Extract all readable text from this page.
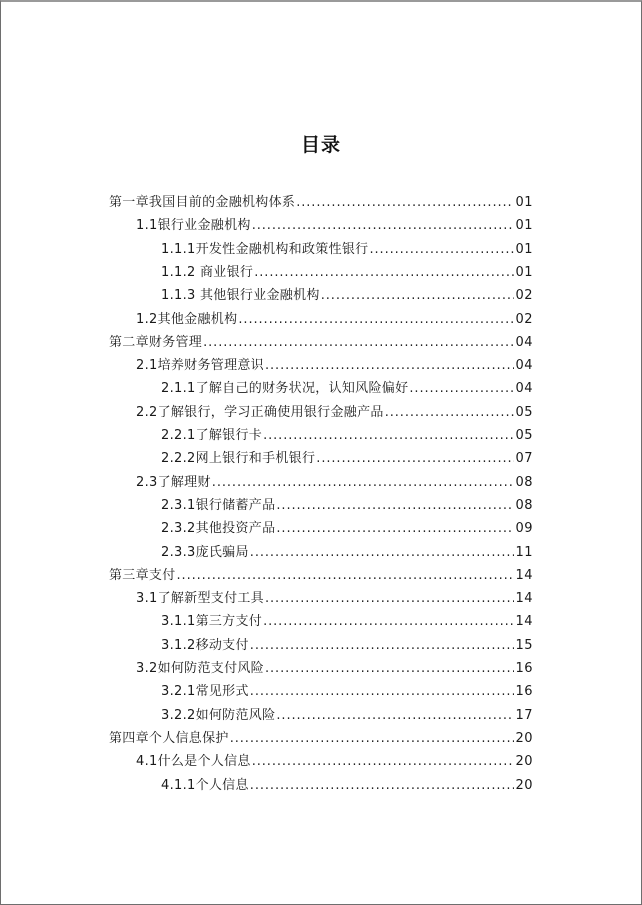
目录
第一章我国目前的金融机构体系 .....	01
1.1银行业金融机构 .....	01
1.1.1开发性金融机构和政策性银行 .....	01
1.1.2 商业银行 .....	01
1.1.3 其他银行业金融机构 .....	02
1.2其他金融机构 .....	02
第二章财务管理 .....	04
2.1培养财务管理意识 .....	04
2.1.1了解自己的财务状况，认知风险偏好 .....	04
2.2了解银行，学习正确使用银行金融产品 .....	05
2.2.1了解银行卡 .....	05
2.2.2网上银行和手机银行 .....	07
2.3了解理财 .....	08
2.3.1银行储蓄产品 .....	08
2.3.2其他投资产品 .....	09
2.3.3庞氏骗局 .....	11
第三章支付 .....	14
3.1了解新型支付工具 .....	14
3.1.1第三方支付 .....	14
3.1.2移动支付 .....	15
3.2如何防范支付风险 .....	16
3.2.1常见形式 .....	16
3.2.2如何防范风险 .....	17
第四章个人信息保护 .....	20
4.1什么是个人信息 .....	20
4.1.1个人信息 .....	20
